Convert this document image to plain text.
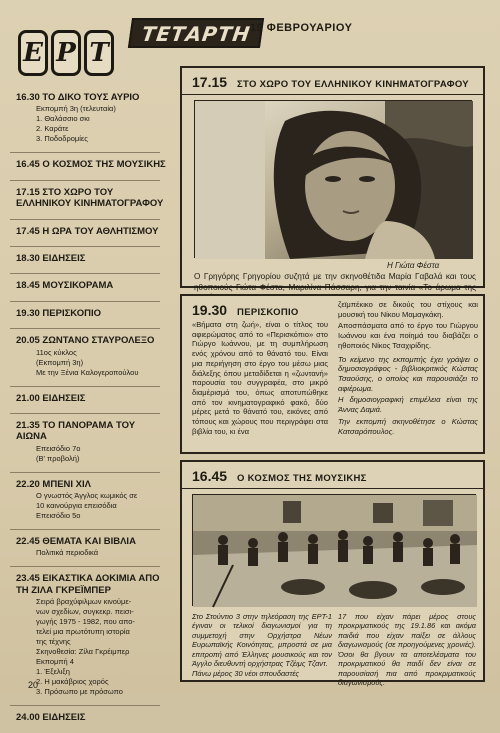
Ε Ρ Τ
ΤΕΤΑΡΤΗ
19 ΦΕΒΡΟΥΑΡΙΟΥ
16.30 ΤΟ ΔΙΚΟ ΤΟΥΣ ΑΥΡΙΟ
Εκπομπή 3η (τελευταία)
1. Θαλάσσιο σκι
2. Καράτε
3. Ποδοδρομίες
16.45 Ο ΚΟΣΜΟΣ ΤΗΣ ΜΟΥΣΙΚΗΣ
17.15 ΣΤΟ ΧΩΡΟ ΤΟΥ ΕΛΛΗΝΙΚΟΥ ΚΙΝΗΜΑΤΟΓΡΑΦΟΥ
17.45 Η ΩΡΑ ΤΟΥ ΑΘΛΗΤΙΣΜΟΥ
18.30 ΕΙΔΗΣΕΙΣ
18.45 ΜΟΥΣΙΚΟΡΑΜΑ
19.30 ΠΕΡΙΣΚΟΠΙΟ
20.05 ΖΩΝΤΑΝΟ ΣΤΑΥΡΟΛΕΞΟ
11ος κύκλος
(Εκπομπή 3η)
Με την Ξένια Καλογεροπούλου
21.00 ΕΙΔΗΣΕΙΣ
21.35 ΤΟ ΠΑΝΟΡΑΜΑ ΤΟΥ ΑΙΩΝΑ
Επεισόδιο 7ο
(Β' προβολή)
22.20 ΜΠΕΝΙ ΧΙΛ
Ο γνωστός Άγγλος κωμικός σε
10 καινούργια επεισόδια
Επεισόδιο 5ο
22.45 ΘΕΜΑΤΑ ΚΑΙ ΒΙΒΛΙΑ
Πολιτικά περιοδικά
23.45 ΕΙΚΑΣΤΙΚΑ ΔΟΚΙΜΙΑ ΑΠΟ ΤΗ ΖΙΛΑ ΓΚΡΕΪΜΠΕΡ
Σειρά βραχύφιλμων κινούμε-
νων σχεδίων, συγκεκρ. πεισι-
γωγής 1975 - 1982, που απο-
τελεί μια πρωτότυπη ιστορία
της τέχνης
Σκηνοθεσία: Ζίλα Γκρέιμπερ
Εκπομπή 4
1. Έξελιξη
2. Η μακάβριος χορός
3. Πρόσωπο με πρόσωπο
24.00 ΕΙΔΗΣΕΙΣ
20
17.15 ΣΤΟ ΧΩΡΟ ΤΟΥ ΕΛΛΗΝΙΚΟΥ ΚΙΝΗΜΑΤΟΓΡΑΦΟΥ
Η Γιώτα Φέστα
Ο Γρηγόρης Γρηγορίου συζητά με την σκηνοθέτιδα Μαρία Γαβαλά και τους ηθοποιούς Γιώτα Φέστα, Μαριλίνα Πάσσαρη, για την ταινία «Το άρωμα της
19.30 ΠΕΡΙΣΚΟΠΙΟ
«Βήματα στη ζωή», είναι ο τίτλος του αφιερώματος από το «Περισκόπιο» στο Γιώργο Ιωάννου, με τη συμπλήρωση ενός χρόνου από το θάνατό του. Είναι μια περιήγηση στο έργο του μέσω μιας διάλεξης όπου μεταδίδεται η «ζωντανή» παρουσία του συγγραφέα, στο μικρό διαμέρισμά του, όπως αποτυπώθηκε από τον κινηματογραφικό φακό, δύο μέρες μετά το θάνατό του, εικόνες από τόπους και χώρους που περιγράφει στα βιβλία του, κι ένα
ζεϊμπέκικο σε δικούς του στίχους και μουσική του Νίκου Μαμαγκάκη.
Αποσπάσματα από το έργο του Γιώργου Ιωάννου και ένα ποίημά του διαβάζει ο ηθοποιός Νίκος Τσαχιρίδης.
Το κείμενο της εκπομπής έχει γράψει ο δημοσιογράφος - βιβλιοκριτικός Κώστας Τσαούσης, ο οποίος και παρουσιάζει το αφιέρωμα.
Η δημοσιογραφική επιμέλεια είναι της Άννας Δαμιά.
Την εκπομπή σκηνοθέτησε ο Κώστας Κατσαρόπουλος.
16.45 Ο ΚΟΣΜΟΣ ΤΗΣ ΜΟΥΣΙΚΗΣ
Στο Στούντιο 3 στην τηλεόραση της ΕΡΤ-1 έγιναν οι τελικοί διαγωνισμοί για τη συμμετοχή στην Ορχήστρα Νέων Ευρωπαϊκής Κοινότητας, μπροστά σε μια επιτροπή από Έλληνες μουσικούς και τον Άγγλο διευθυντή ορχήστρας Τζέιμς Τζαντ.
Πάνω μέρος 30 νέοι σπουδαστές
17 που είχαν πάρει μέρος στους προκριματικούς της 19.1.86 και ακόμα παιδιά που είχαν παίξει σε άλλους διαγωνισμούς (σε προηγούμενες χρονιές). Όσοι θα βγουν τα αποτελέσματα του προκριματικού θα παιδί δεν είναι σε παρουσίασή πια από προκριματικούς διαγωνισμούς.
